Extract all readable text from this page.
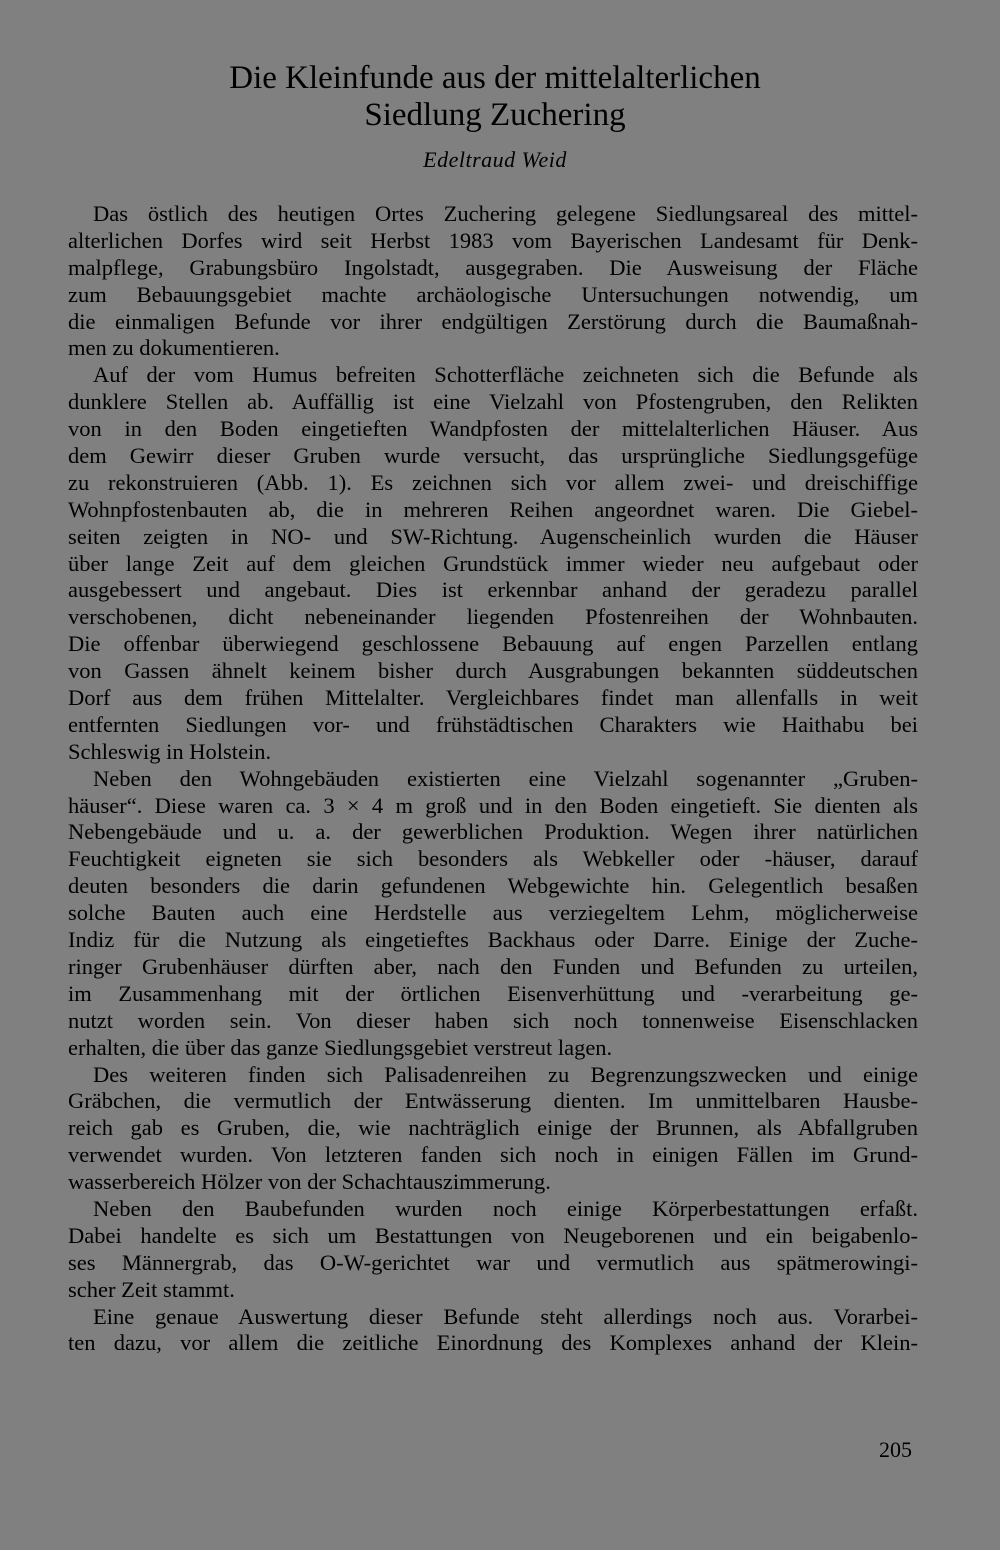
Die Kleinfunde aus der mittelalterlichen
Siedlung Zuchering
Edeltraud Weid
Das östlich des heutigen Ortes Zuchering gelegene Siedlungsareal des mittel-
alterlichen Dorfes wird seit Herbst 1983 vom Bayerischen Landesamt für Denk-
malpflege, Grabungsbüro Ingolstadt, ausgegraben. Die Ausweisung der Fläche
zum Bebauungsgebiet machte archäologische Untersuchungen notwendig, um
die einmaligen Befunde vor ihrer endgültigen Zerstörung durch die Baumaßnah-
men zu dokumentieren.
Auf der vom Humus befreiten Schotterfläche zeichneten sich die Befunde als
dunklere Stellen ab. Auffällig ist eine Vielzahl von Pfostengruben, den Relikten
von in den Boden eingetieften Wandpfosten der mittelalterlichen Häuser. Aus
dem Gewirr dieser Gruben wurde versucht, das ursprüngliche Siedlungsgefüge
zu rekonstruieren (Abb. 1). Es zeichnen sich vor allem zwei- und dreischiffige
Wohnpfostenbauten ab, die in mehreren Reihen angeordnet waren. Die Giebel-
seiten zeigten in NO- und SW-Richtung. Augenscheinlich wurden die Häuser
über lange Zeit auf dem gleichen Grundstück immer wieder neu aufgebaut oder
ausgebessert und angebaut. Dies ist erkennbar anhand der geradezu parallel
verschobenen, dicht nebeneinander liegenden Pfostenreihen der Wohnbauten.
Die offenbar überwiegend geschlossene Bebauung auf engen Parzellen entlang
von Gassen ähnelt keinem bisher durch Ausgrabungen bekannten süddeutschen
Dorf aus dem frühen Mittelalter. Vergleichbares findet man allenfalls in weit
entfernten Siedlungen vor- und frühstädtischen Charakters wie Haithabu bei
Schleswig in Holstein.
Neben den Wohngebäuden existierten eine Vielzahl sogenannter „Gruben-
häuser“. Diese waren ca. 3 × 4 m groß und in den Boden eingetieft. Sie dienten als
Nebengebäude und u. a. der gewerblichen Produktion. Wegen ihrer natürlichen
Feuchtigkeit eigneten sie sich besonders als Webkeller oder -häuser, darauf
deuten besonders die darin gefundenen Webgewichte hin. Gelegentlich besaßen
solche Bauten auch eine Herdstelle aus verziegeltem Lehm, möglicherweise
Indiz für die Nutzung als eingetieftes Backhaus oder Darre. Einige der Zuche-
ringer Grubenhäuser dürften aber, nach den Funden und Befunden zu urteilen,
im Zusammenhang mit der örtlichen Eisenverhüttung und -verarbeitung ge-
nutzt worden sein. Von dieser haben sich noch tonnenweise Eisenschlacken
erhalten, die über das ganze Siedlungsgebiet verstreut lagen.
Des weiteren finden sich Palisadenreihen zu Begrenzungszwecken und einige
Gräbchen, die vermutlich der Entwässerung dienten. Im unmittelbaren Hausbe-
reich gab es Gruben, die, wie nachträglich einige der Brunnen, als Abfallgruben
verwendet wurden. Von letzteren fanden sich noch in einigen Fällen im Grund-
wasserbereich Hölzer von der Schachtauszimmerung.
Neben den Baubefunden wurden noch einige Körperbestattungen erfaßt.
Dabei handelte es sich um Bestattungen von Neugeborenen und ein beigabenlo-
ses Männergrab, das O-W-gerichtet war und vermutlich aus spätmerowingi-
scher Zeit stammt.
Eine genaue Auswertung dieser Befunde steht allerdings noch aus. Vorarbei-
ten dazu, vor allem die zeitliche Einordnung des Komplexes anhand der Klein-
205
